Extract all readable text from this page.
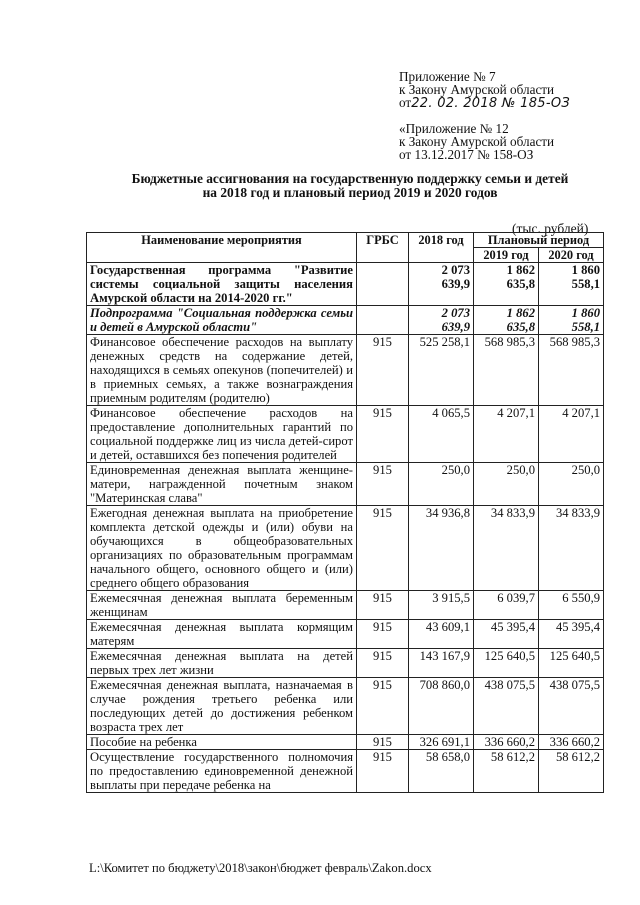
Приложение № 7
к Закону Амурской области
от22. 02. 2018 № 185-ОЗ
«Приложение № 12
к Закону Амурской области
от 13.12.2017 № 158-ОЗ
Бюджетные ассигнования на государственную поддержку семьи и детей
на 2018 год и плановый период 2019 и 2020 годов
(тыс. рублей)
Наименование мероприятия	ГРБС	2018 год	Плановый период	
			2019 год	2020 год
Государственная программа "Развитие системы социальной защиты населения Амурской области на 2014-2020 гг."		2 073 639,9	1 862 635,8	1 860 558,1
Подпрограмма "Социальная поддержка семьи и детей в Амурской области"		2 073 639,9	1 862 635,8	1 860 558,1
Финансовое обеспечение расходов на выплату денежных средств на содержание детей, находящихся в семьях опекунов (попечителей) и в приемных семьях, а также вознаграждения приемным родителям (родителю)	915	525 258,1	568 985,3	568 985,3
Финансовое обеспечение расходов на предоставление дополнительных гарантий по социальной поддержке лиц из числа детей-сирот и детей, оставшихся без попечения родителей	915	4 065,5	4 207,1	4 207,1
Единовременная денежная выплата женщине-матери, награжденной почетным знаком "Материнская слава"	915	250,0	250,0	250,0
Ежегодная денежная выплата на приобретение комплекта детской одежды и (или) обуви на обучающихся в общеобразовательных организациях по образовательным программам начального общего, основного общего и (или) среднего общего образования	915	34 936,8	34 833,9	34 833,9
Ежемесячная денежная выплата беременным женщинам	915	3 915,5	6 039,7	6 550,9
Ежемесячная денежная выплата кормящим матерям	915	43 609,1	45 395,4	45 395,4
Ежемесячная денежная выплата на детей первых трех лет жизни	915	143 167,9	125 640,5	125 640,5
Ежемесячная денежная выплата, назначаемая в случае рождения третьего ребенка или последующих детей до достижения ребенком возраста трех лет	915	708 860,0	438 075,5	438 075,5
Пособие на ребенка	915	326 691,1	336 660,2	336 660,2
Осуществление государственного полномочия по предоставлению единовременной денежной выплаты при передаче ребенка на	915	58 658,0	58 612,2	58 612,2
L:\Комитет по бюджету\2018\закон\бюджет февраль\Zakon.docx
